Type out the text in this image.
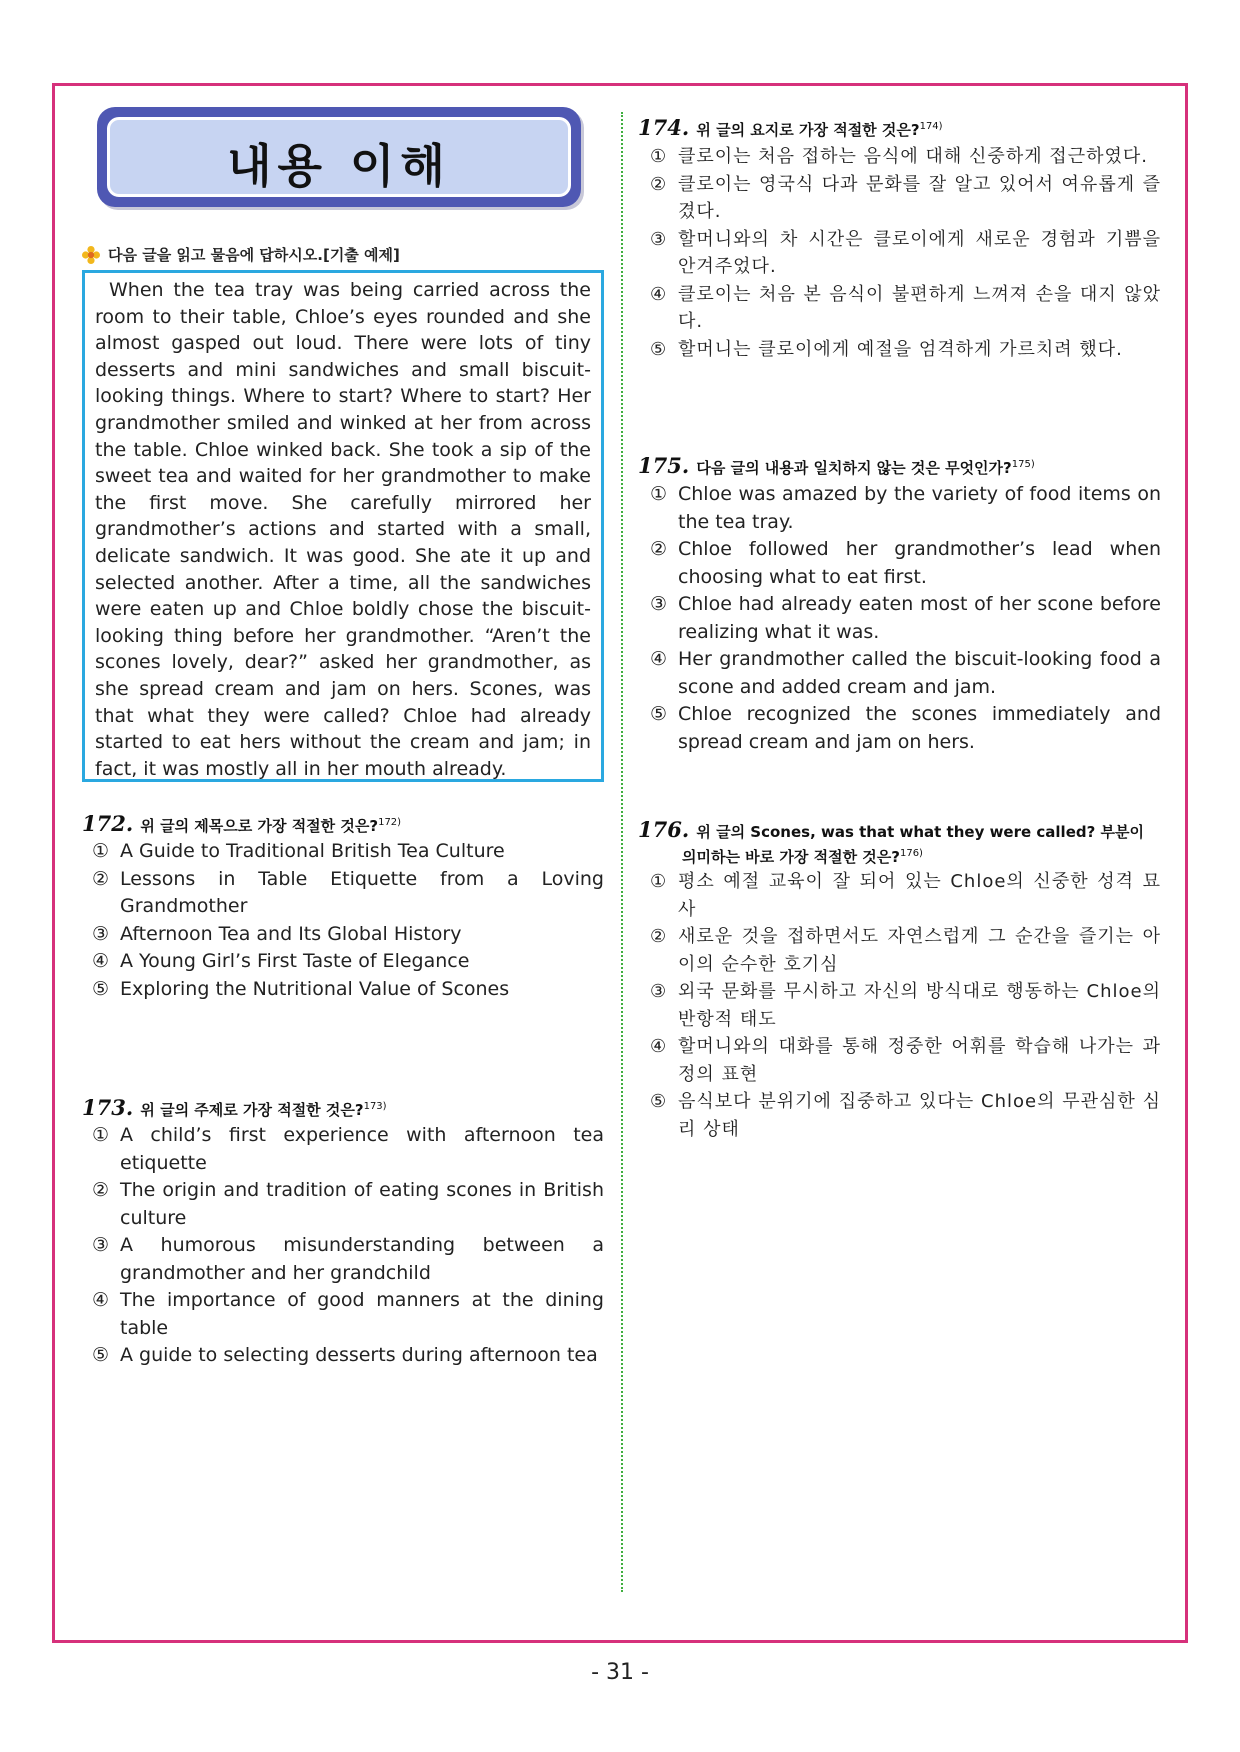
내용 이해
다음 글을 읽고 물음에 답하시오.[기출 예제]
When the tea tray was being carried across the room to their table, Chloe’s eyes rounded and she almost gasped out loud. There were lots of tiny desserts and mini sandwiches and small biscuit-looking things. Where to start? Where to start? Her grandmother smiled and winked at her from across the table. Chloe winked back. She took a sip of the sweet tea and waited for her grandmother to make the first move. She carefully mirrored her grandmother’s actions and started with a small, delicate sandwich. It was good. She ate it up and selected another. After a time, all the sandwiches were eaten up and Chloe boldly chose the biscuit-looking thing before her grandmother. “Aren’t the scones lovely, dear?” asked her grandmother, as she spread cream and jam on hers. Scones, was that what they were called? Chloe had already started to eat hers without the cream and jam; in fact, it was mostly all in her mouth already.
172. 위 글의 제목으로 가장 적절한 것은?$^{172)}$
① A Guide to Traditional British Tea Culture
② Lessons in Table Etiquette from a Loving Grandmother
③ Afternoon Tea and Its Global History
④ A Young Girl’s First Taste of Elegance
⑤ Exploring the Nutritional Value of Scones
173. 위 글의 주제로 가장 적절한 것은?$^{173)}$
① A child’s first experience with afternoon tea etiquette
② The origin and tradition of eating scones in British culture
③ A humorous misunderstanding between a grandmother and her grandchild
④ The importance of good manners at the dining table
⑤ A guide to selecting desserts during afternoon tea
174. 위 글의 요지로 가장 적절한 것은?$^{174)}$
① 클로이는 처음 접하는 음식에 대해 신중하게 접근하였다.
② 클로이는 영국식 다과 문화를 잘 알고 있어서 여유롭게 즐겼다.
③ 할머니와의 차 시간은 클로이에게 새로운 경험과 기쁨을 안겨주었다.
④ 클로이는 처음 본 음식이 불편하게 느껴져 손을 대지 않았다.
⑤ 할머니는 클로이에게 예절을 엄격하게 가르치려 했다.
175. 다음 글의 내용과 일치하지 않는 것은 무엇인가?$^{175)}$
① Chloe was amazed by the variety of food items on the tea tray.
② Chloe followed her grandmother’s lead when choosing what to eat first.
③ Chloe had already eaten most of her scone before realizing what it was.
④ Her grandmother called the biscuit-looking food a scone and added cream and jam.
⑤ Chloe recognized the scones immediately and spread cream and jam on hers.
176. 위 글의 Scones, was that what they were called? 부분이
의미하는 바로 가장 적절한 것은?$^{176)}$
① 평소 예절 교육이 잘 되어 있는 Chloe의 신중한 성격 묘사
② 새로운 것을 접하면서도 자연스럽게 그 순간을 즐기는 아이의 순수한 호기심
③ 외국 문화를 무시하고 자신의 방식대로 행동하는 Chloe의 반항적 태도
④ 할머니와의 대화를 통해 정중한 어휘를 학습해 나가는 과정의 표현
⑤ 음식보다 분위기에 집중하고 있다는 Chloe의 무관심한 심리 상태
- 31 -
